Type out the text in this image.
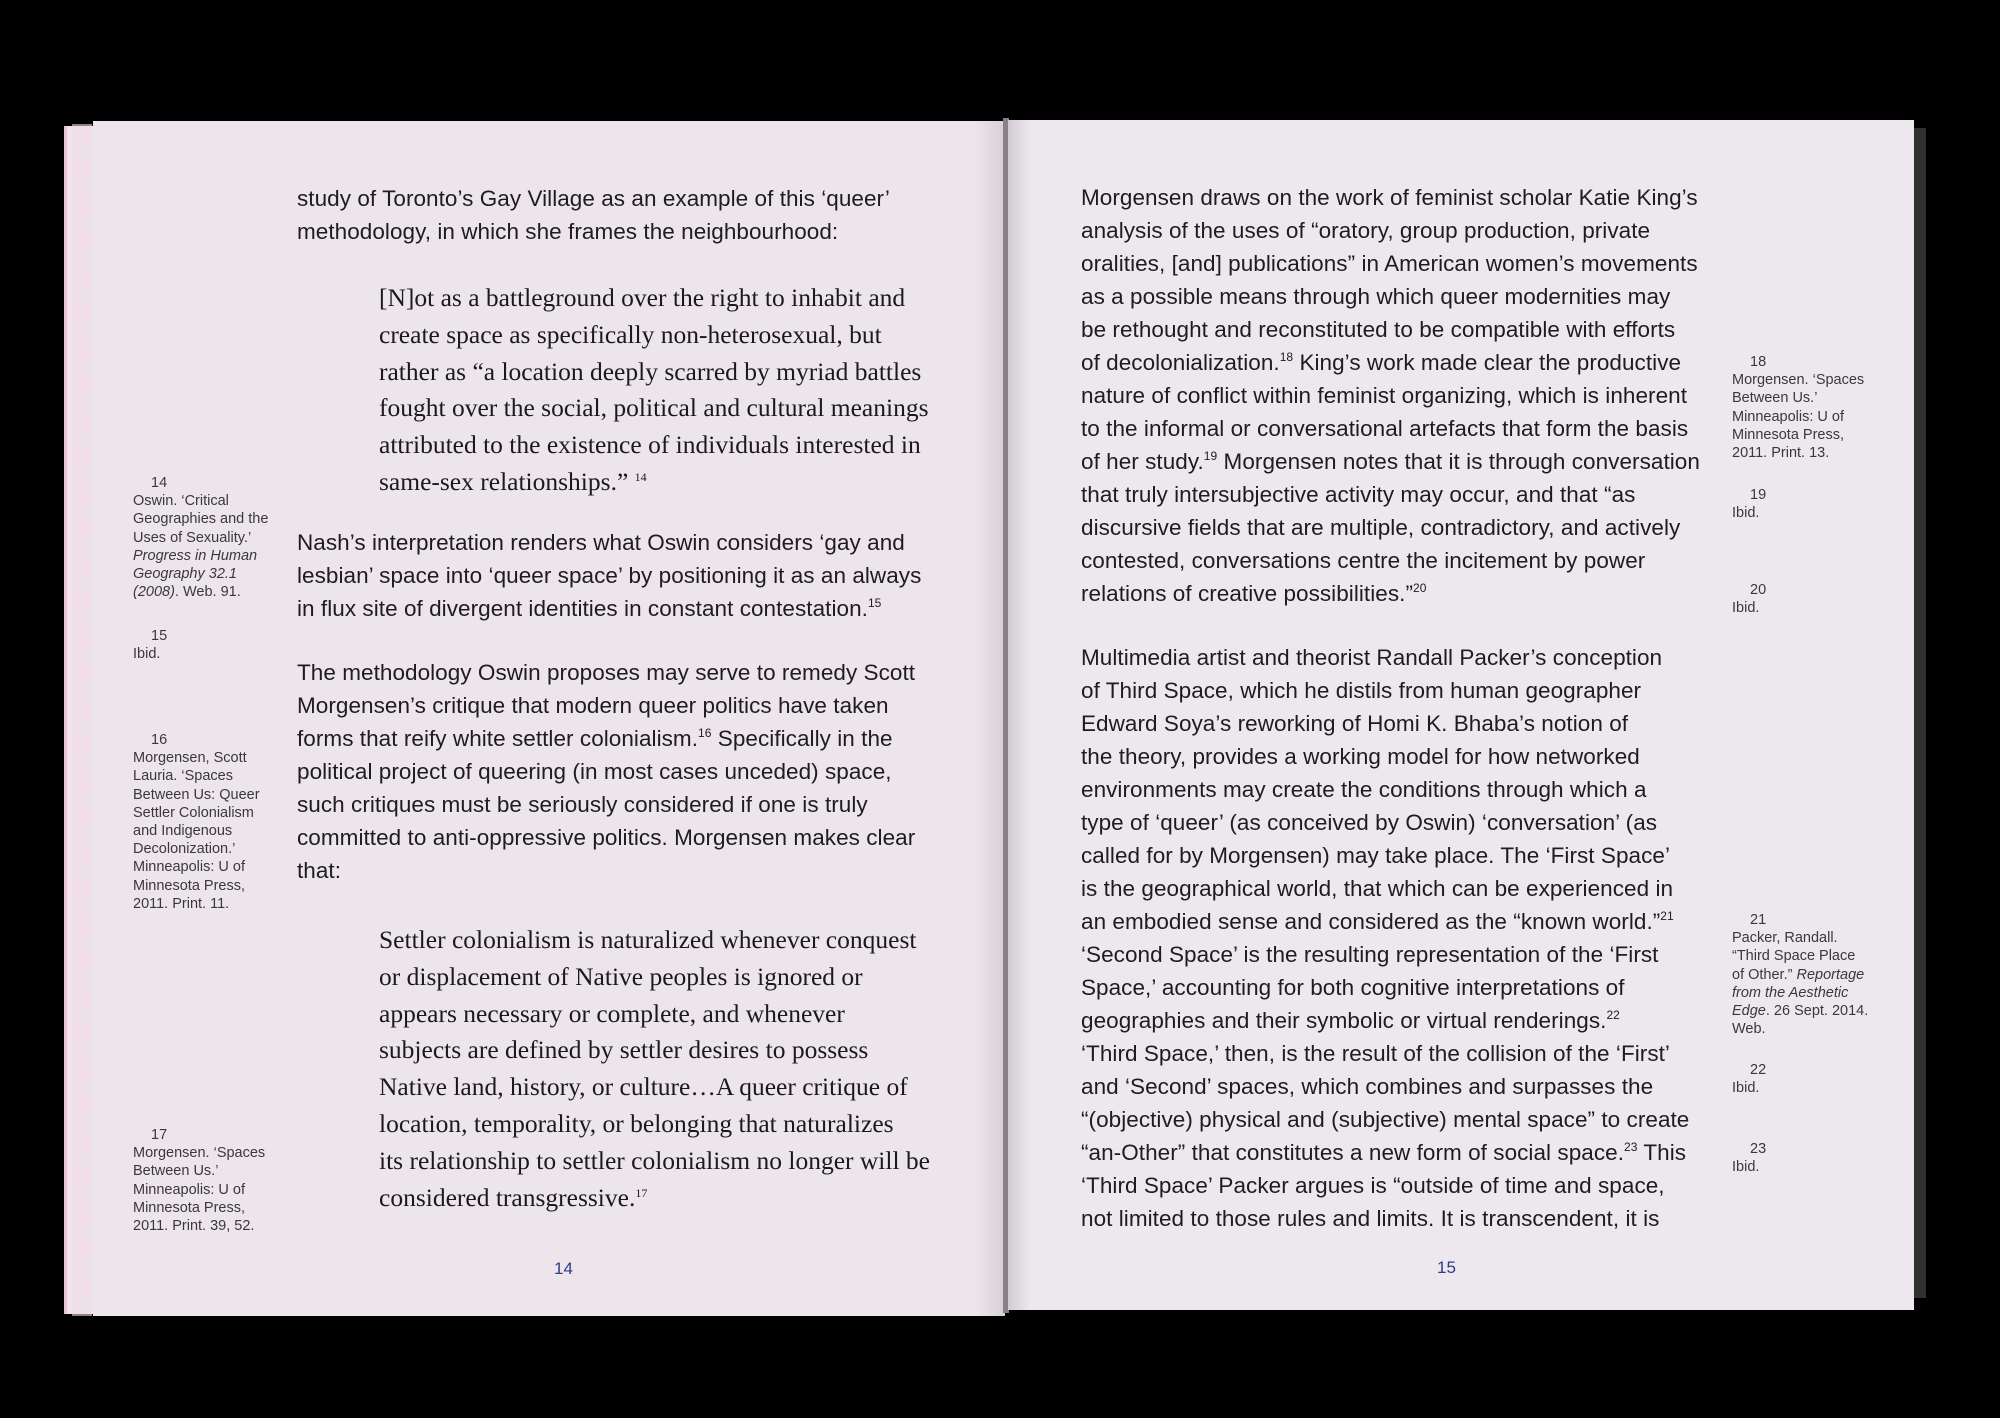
study of Toronto’s Gay Village as an example of this ‘queer’
methodology, in which she frames the neighbourhood:

[N]ot as a battleground over the right to inhabit and
create space as specifically non-heterosexual, but
rather as “a location deeply scarred by myriad battles
fought over the social, political and cultural meanings
attributed to the existence of individuals interested in
same-sex relationships.” $^{14}$

Nash’s interpretation renders what Oswin considers ‘gay and
lesbian’ space into ‘queer space’ by positioning it as an always
in flux site of divergent identities in constant contestation.$^{15}$

The methodology Oswin proposes may serve to remedy Scott
Morgensen’s critique that modern queer politics have taken
forms that reify white settler colonialism.$^{16}$ Specifically in the
political project of queering (in most cases unceded) space,
such critiques must be seriously considered if one is truly
committed to anti-oppressive politics. Morgensen makes clear
that:

Settler colonialism is naturalized whenever conquest
or displacement of Native peoples is ignored or
appears necessary or complete, and whenever
subjects are defined by settler desires to possess
Native land, history, or culture…A queer critique of
location, temporality, or belonging that naturalizes
its relationship to settler colonialism no longer will be
considered transgressive.$^{17}$

14
Oswin. ‘Critical
Geographies and the
Uses of Sexuality.’
Progress in Human
Geography 32.1
(2008). Web. 91.
15
Ibid.
16
Morgensen, Scott
Lauria. ‘Spaces
Between Us: Queer
Settler Colonialism
and Indigenous
Decolonization.’
Minneapolis: U of
Minnesota Press,
2011. Print. 11.
17
Morgensen. ‘Spaces
Between Us.’
Minneapolis: U of
Minnesota Press,
2011. Print. 39, 52.
14

Morgensen draws on the work of feminist scholar Katie King’s
analysis of the uses of “oratory, group production, private
oralities, [and] publications” in American women’s movements
as a possible means through which queer modernities may
be rethought and reconstituted to be compatible with efforts
of decolonialization.$^{18}$ King’s work made clear the productive
nature of conflict within feminist organizing, which is inherent
to the informal or conversational artefacts that form the basis
of her study.$^{19}$ Morgensen notes that it is through conversation
that truly intersubjective activity may occur, and that “as
discursive fields that are multiple, contradictory, and actively
contested, conversations centre the incitement by power
relations of creative possibilities.”$^{20}$

Multimedia artist and theorist Randall Packer’s conception
of Third Space, which he distils from human geographer
Edward Soya’s reworking of Homi K. Bhaba’s notion of
the theory, provides a working model for how networked
environments may create the conditions through which a
type of ‘queer’ (as conceived by Oswin) ‘conversation’ (as
called for by Morgensen) may take place. The ‘First Space’
is the geographical world, that which can be experienced in
an embodied sense and considered as the “known world.”$^{21}$
‘Second Space’ is the resulting representation of the ‘First
Space,’ accounting for both cognitive interpretations of
geographies and their symbolic or virtual renderings.$^{22}$
‘Third Space,’ then, is the result of the collision of the ‘First’
and ‘Second’ spaces, which combines and surpasses the
“(objective) physical and (subjective) mental space” to create
“an-Other” that constitutes a new form of social space.$^{23}$ This
‘Third Space’ Packer argues is “outside of time and space,
not limited to those rules and limits. It is transcendent, it is

18
Morgensen. ‘Spaces
Between Us.’
Minneapolis: U of
Minnesota Press,
2011. Print. 13.
19
Ibid.
20
Ibid.
21
Packer, Randall.
“Third Space Place
of Other.” Reportage
from the Aesthetic
Edge. 26 Sept. 2014.
Web.
22
Ibid.
23
Ibid.
15
